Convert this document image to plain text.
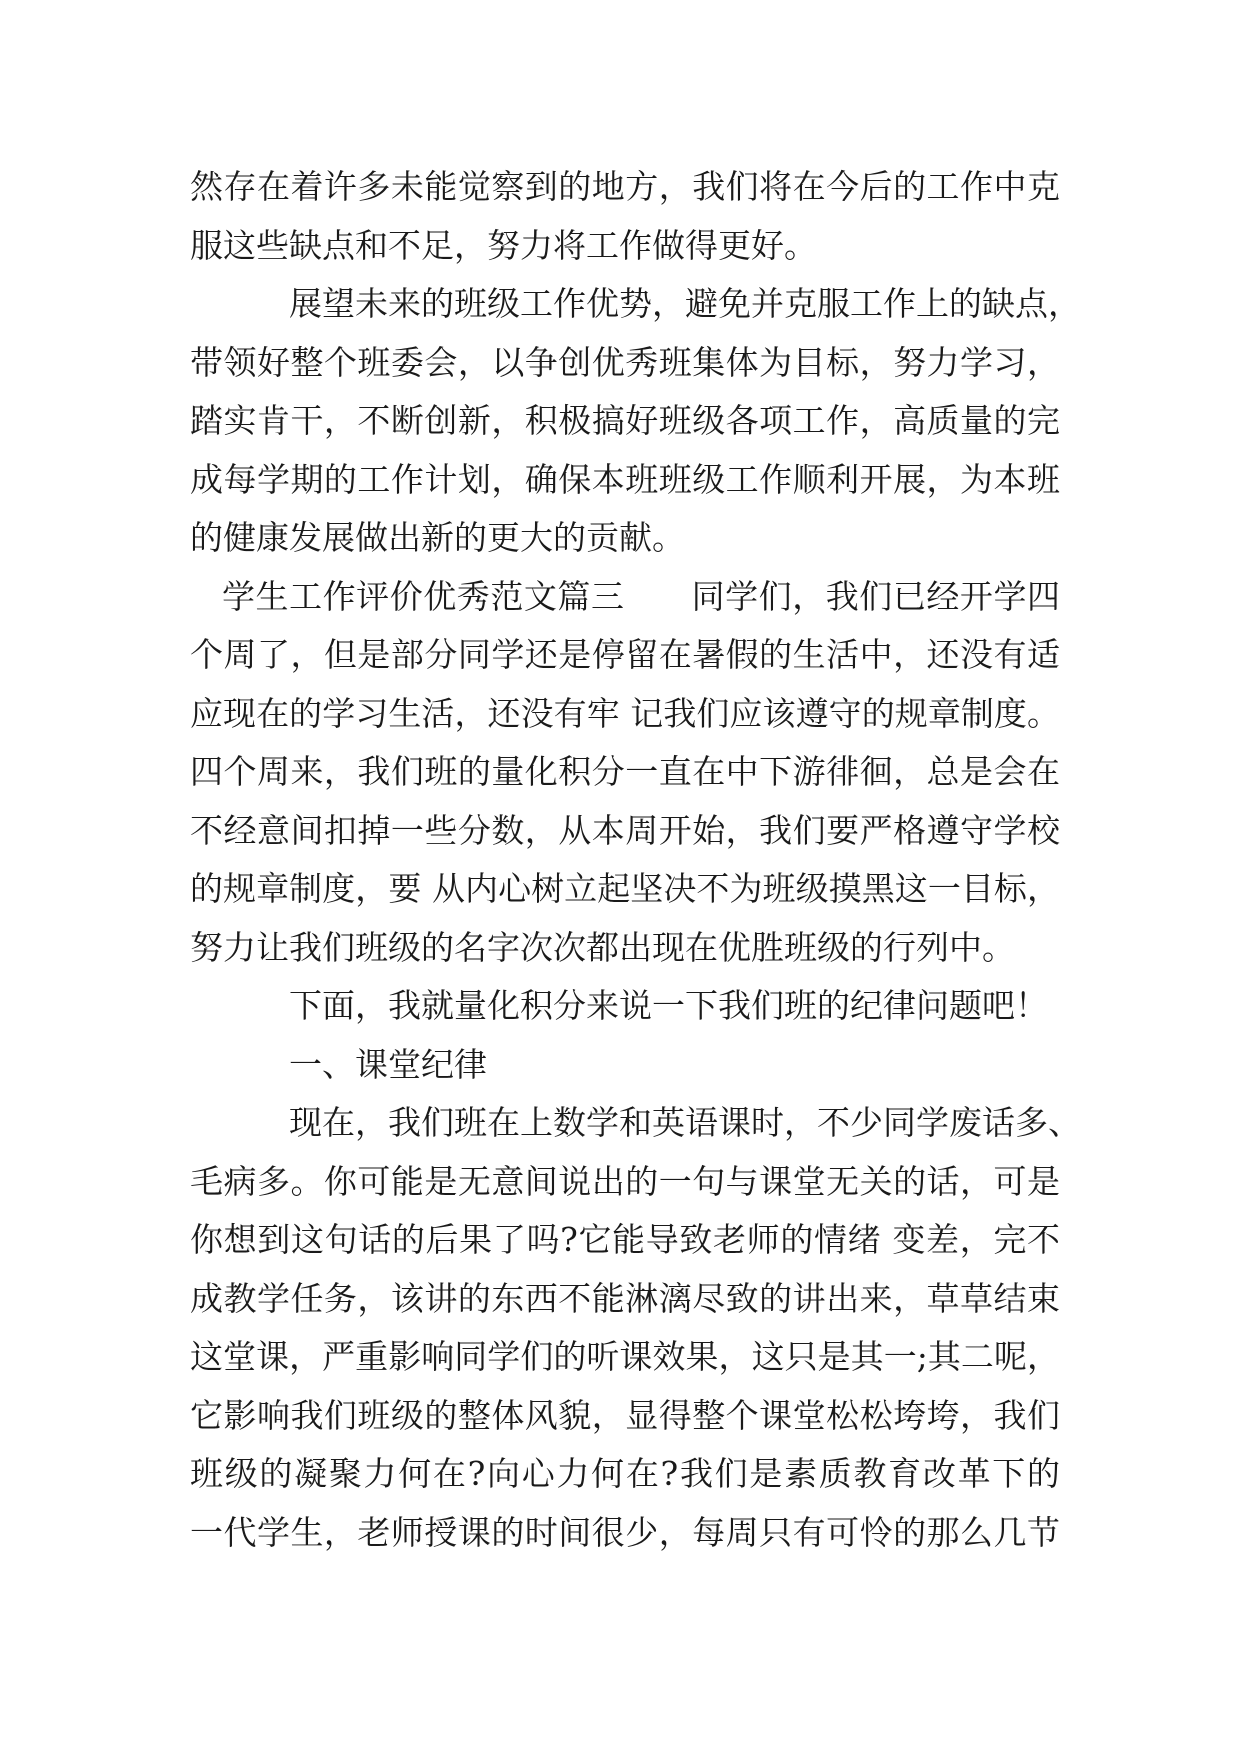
然存在着许多未能觉察到的地方，我们将在今后的工作中克
服这些缺点和不足，努力将工作做得更好。
展望未来的班级工作优势，避免并克服工作上的缺点，
带领好整个班委会，以争创优秀班集体为目标，努力学习，
踏实肯干，不断创新，积极搞好班级各项工作，高质量的完
成每学期的工作计划，确保本班班级工作顺利开展，为本班
的健康发展做出新的更大的贡献。
学生工作评价优秀范文篇三　　同学们，我们已经开学四
个周了，但是部分同学还是停留在暑假的生活中，还没有适
应现在的学习生活，还没有牢 记我们应该遵守的规章制度。
四个周来，我们班的量化积分一直在中下游徘徊，总是会在
不经意间扣掉一些分数，从本周开始，我们要严格遵守学校
的规章制度，要 从内心树立起坚决不为班级摸黑这一目标，
努力让我们班级的名字次次都出现在优胜班级的行列中。
下面，我就量化积分来说一下我们班的纪律问题吧！
一、课堂纪律
现在，我们班在上数学和英语课时，不少同学废话多、
毛病多。你可能是无意间说出的一句与课堂无关的话，可是
你想到这句话的后果了吗?它能导致老师的情绪 变差，完不
成教学任务，该讲的东西不能淋漓尽致的讲出来，草草结束
这堂课，严重影响同学们的听课效果，这只是其一;其二呢，
它影响我们班级的整体风貌，显得整个课堂松松垮垮，我们
班级的凝聚力何在?向心力何在?我们是素质教育改革下的
一代学生，老师授课的时间很少，每周只有可怜的那么几节
